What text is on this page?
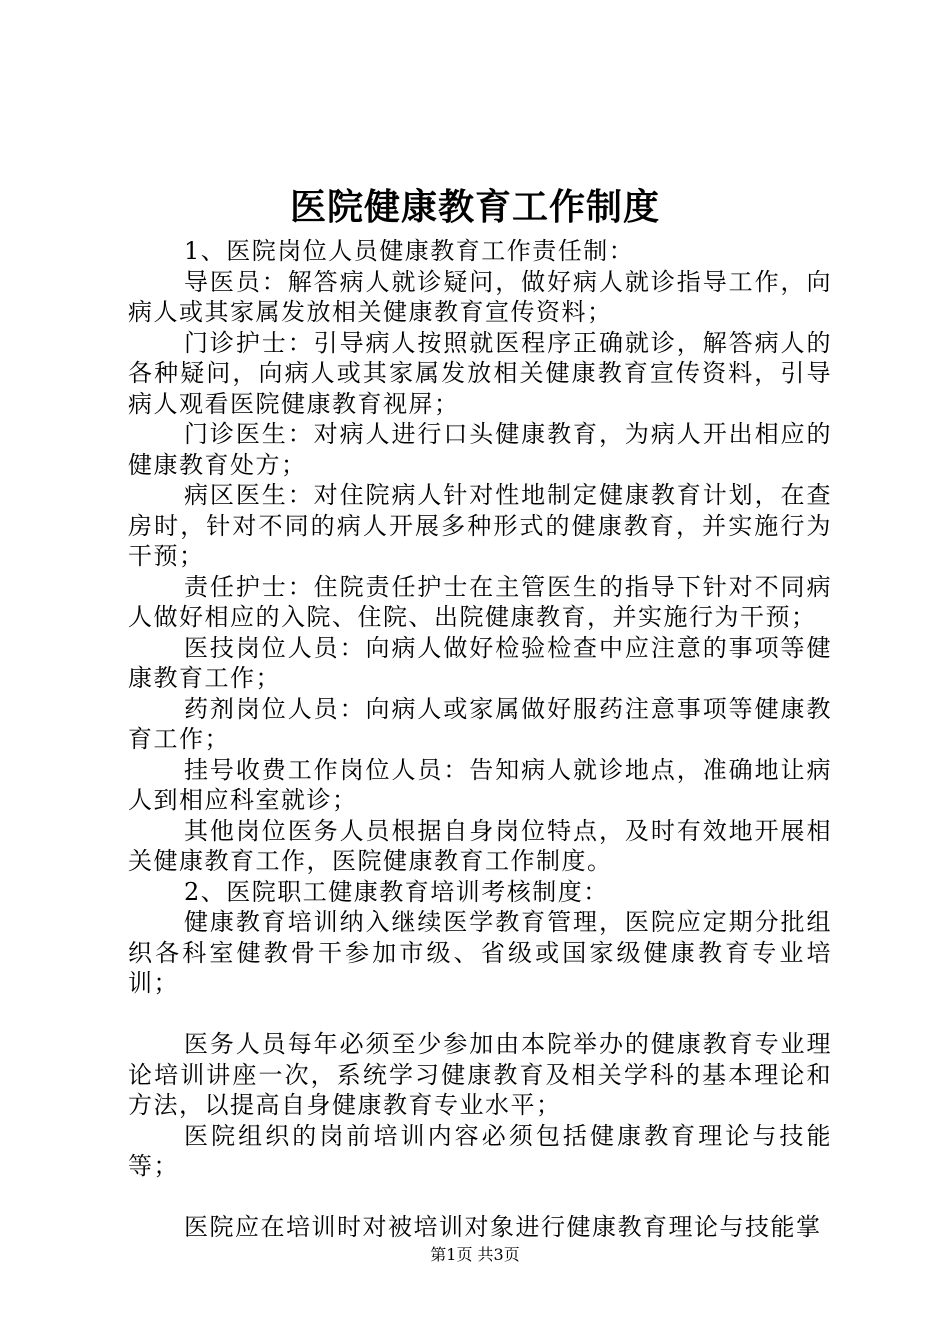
医院健康教育工作制度

1、医院岗位人员健康教育工作责任制：

导医员：解答病人就诊疑问，做好病人就诊指导工作，向病人或其家属发放相关健康教育宣传资料；

门诊护士：引导病人按照就医程序正确就诊，解答病人的各种疑问，向病人或其家属发放相关健康教育宣传资料，引导病人观看医院健康教育视屏；

门诊医生：对病人进行口头健康教育，为病人开出相应的健康教育处方；

病区医生：对住院病人针对性地制定健康教育计划，在查房时，针对不同的病人开展多种形式的健康教育，并实施行为干预；

责任护士：住院责任护士在主管医生的指导下针对不同病人做好相应的入院、住院、出院健康教育，并实施行为干预；

医技岗位人员：向病人做好检验检查中应注意的事项等健康教育工作；

药剂岗位人员：向病人或家属做好服药注意事项等健康教育工作；

挂号收费工作岗位人员：告知病人就诊地点，准确地让病人到相应科室就诊；

其他岗位医务人员根据自身岗位特点，及时有效地开展相关健康教育工作，医院健康教育工作制度。

2、医院职工健康教育培训考核制度：

健康教育培训纳入继续医学教育管理，医院应定期分批组织各科室健教骨干参加市级、省级或国家级健康教育专业培训；

医务人员每年必须至少参加由本院举办的健康教育专业理论培训讲座一次，系统学习健康教育及相关学科的基本理论和方法，以提高自身健康教育专业水平；

医院组织的岗前培训内容必须包括健康教育理论与技能等；

医院应在培训时对被培训对象进行健康教育理论与技能掌

第1页 共3页
